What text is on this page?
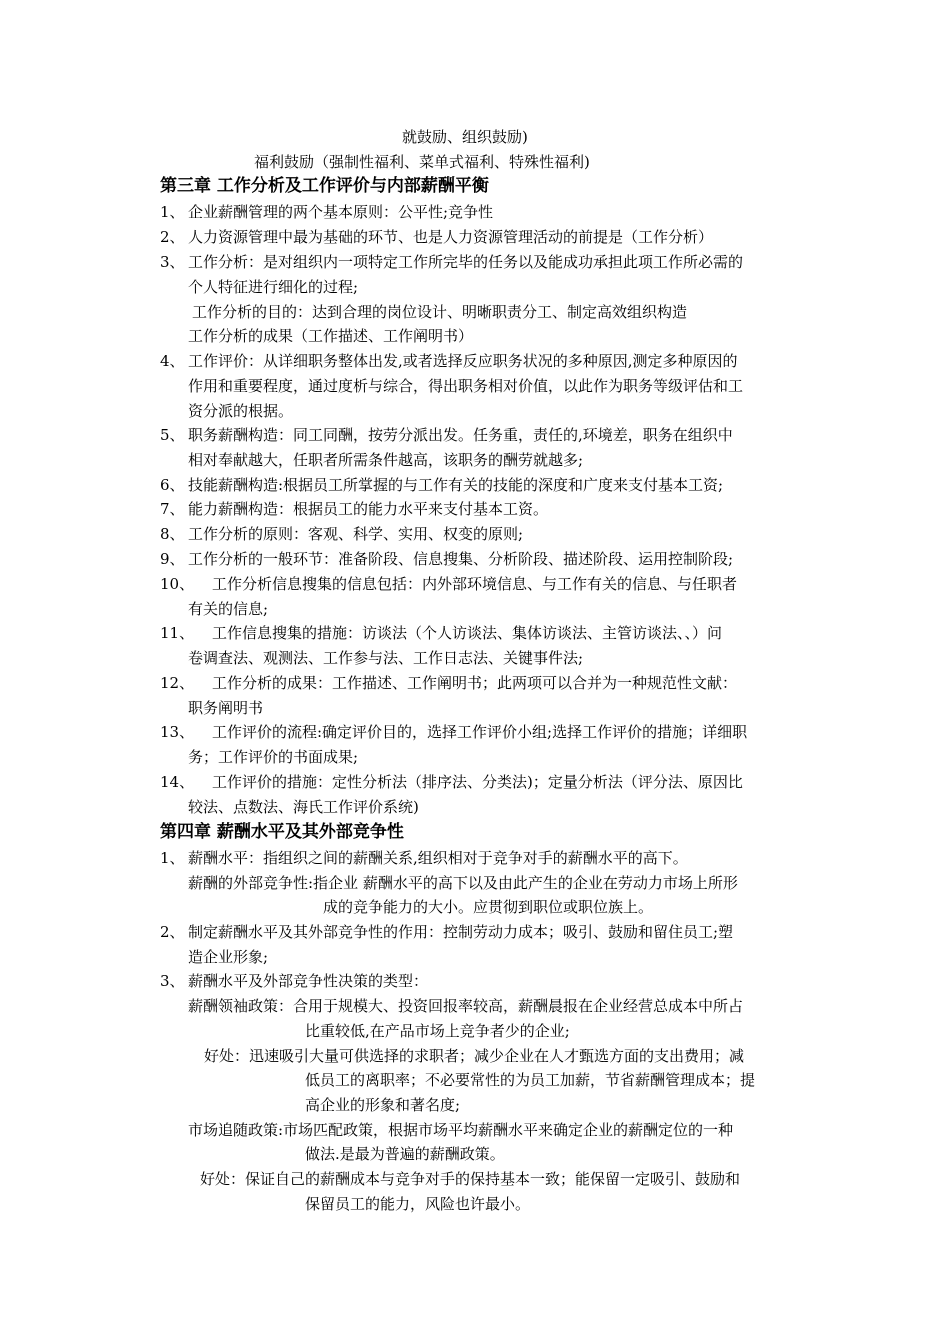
就鼓励、组织鼓励)
福利鼓励（强制性福利、菜单式福利、特殊性福利)
第三章 工作分析及工作评价与内部薪酬平衡
1、 企业薪酬管理的两个基本原则：公平性;竞争性
2、 人力资源管理中最为基础的环节、也是人力资源管理活动的前提是（工作分析）
3、 工作分析：是对组织内一项特定工作所完毕的任务以及能成功承担此项工作所必需的
个人特征进行细化的过程;
工作分析的目的：达到合理的岗位设计、明晰职责分工、制定高效组织构造
工作分析的成果（工作描述、工作阐明书）
4、 工作评价：从详细职务整体出发,或者选择反应职务状况的多种原因,测定多种原因的
作用和重要程度，通过度析与综合，得出职务相对价值，以此作为职务等级评估和工
资分派的根据。
5、 职务薪酬构造：同工同酬，按劳分派出发。任务重，责任的,环境差，职务在组织中
相对奉献越大，任职者所需条件越高，该职务的酬劳就越多;
6、 技能薪酬构造:根据员工所掌握的与工作有关的技能的深度和广度来支付基本工资;
7、 能力薪酬构造：根据员工的能力水平来支付基本工资。
8、 工作分析的原则：客观、科学、实用、权变的原则;
9、 工作分析的一般环节：准备阶段、信息搜集、分析阶段、描述阶段、运用控制阶段;
10、 工作分析信息搜集的信息包括：内外部环境信息、与工作有关的信息、与任职者
有关的信息;
11、 工作信息搜集的措施：访谈法（个人访谈法、集体访谈法、主管访谈法、、）问
卷调查法、观测法、工作参与法、工作日志法、关键事件法;
12、 工作分析的成果：工作描述、工作阐明书；此两项可以合并为一种规范性文献：
职务阐明书
13、 工作评价的流程:确定评价目的，选择工作评价小组;选择工作评价的措施；详细职
务；工作评价的书面成果;
14、 工作评价的措施：定性分析法（排序法、分类法)；定量分析法（评分法、原因比
较法、点数法、海氏工作评价系统)
第四章 薪酬水平及其外部竞争性
1、 薪酬水平：指组织之间的薪酬关系,组织相对于竞争对手的薪酬水平的高下。
薪酬的外部竞争性:指企业 薪酬水平的高下以及由此产生的企业在劳动力市场上所形
成的竞争能力的大小。应贯彻到职位或职位族上。
2、 制定薪酬水平及其外部竞争性的作用：控制劳动力成本；吸引、鼓励和留住员工;塑
造企业形象;
3、 薪酬水平及外部竞争性决策的类型：
薪酬领袖政策：合用于规模大、投资回报率较高，薪酬晨报在企业经营总成本中所占
比重较低,在产品市场上竞争者少的企业;
好处：迅速吸引大量可供选择的求职者；减少企业在人才甄选方面的支出费用；减
低员工的离职率；不必要常性的为员工加薪，节省薪酬管理成本；提
高企业的形象和著名度;
市场追随政策:市场匹配政策，根据市场平均薪酬水平来确定企业的薪酬定位的一种
做法.是最为普遍的薪酬政策。
好处：保证自己的薪酬成本与竞争对手的保持基本一致；能保留一定吸引、鼓励和
保留员工的能力，风险也许最小。
